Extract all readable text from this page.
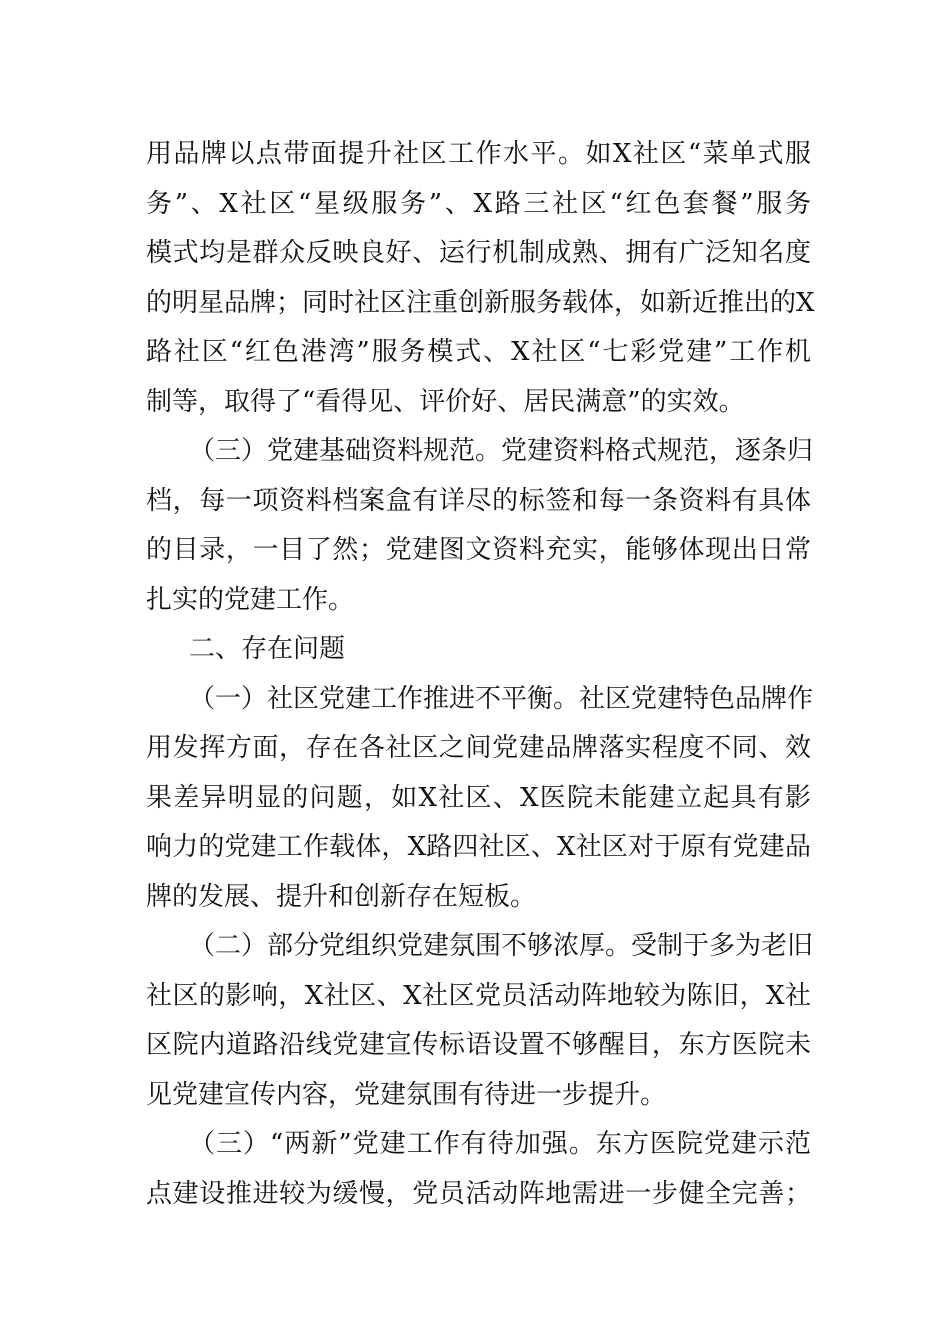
用品牌以点带面提升社区工作水平。如X社区“菜单式服
务”、X社区“星级服务”、X路三社区“红色套餐”服务
模式均是群众反映良好、运行机制成熟、拥有广泛知名度
的明星品牌；同时社区注重创新服务载体，如新近推出的X
路社区“红色港湾”服务模式、X社区“七彩党建”工作机
制等，取得了“看得见、评价好、居民满意”的实效。
（三）党建基础资料规范。党建资料格式规范，逐条归
档，每一项资料档案盒有详尽的标签和每一条资料有具体
的目录，一目了然；党建图文资料充实，能够体现出日常
扎实的党建工作。
二、存在问题
（一）社区党建工作推进不平衡。社区党建特色品牌作
用发挥方面，存在各社区之间党建品牌落实程度不同、效
果差异明显的问题，如X社区、X医院未能建立起具有影
响力的党建工作载体，X路四社区、X社区对于原有党建品
牌的发展、提升和创新存在短板。
（二）部分党组织党建氛围不够浓厚。受制于多为老旧
社区的影响，X社区、X社区党员活动阵地较为陈旧，X社
区院内道路沿线党建宣传标语设置不够醒目，东方医院未
见党建宣传内容，党建氛围有待进一步提升。
（三）“两新”党建工作有待加强。东方医院党建示范
点建设推进较为缓慢，党员活动阵地需进一步健全完善；
